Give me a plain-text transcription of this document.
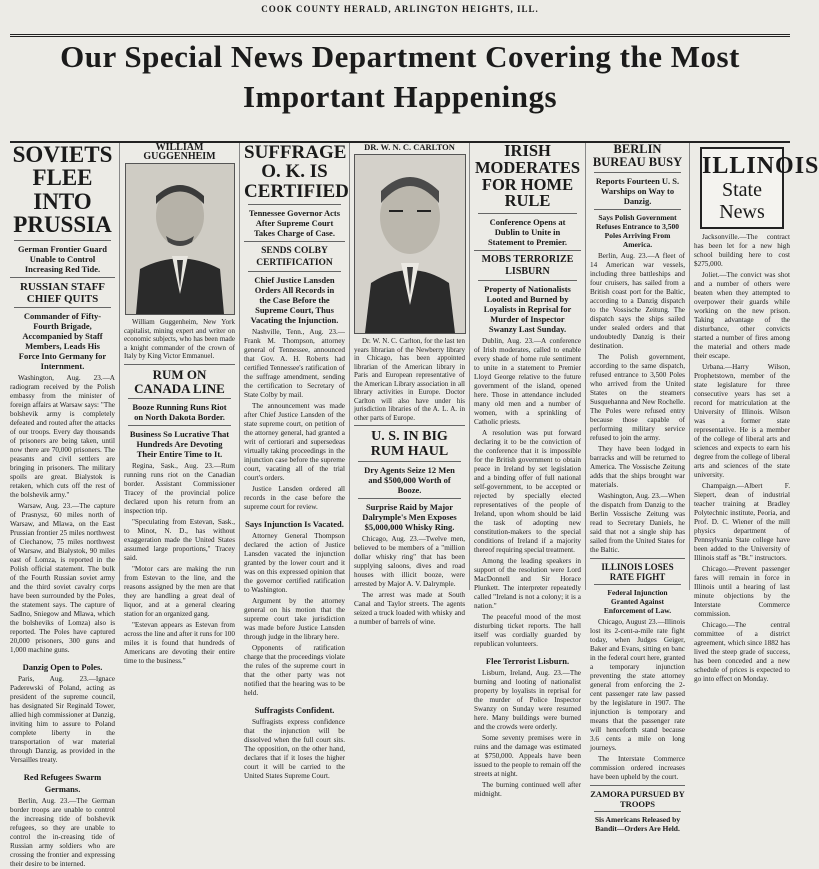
COOK COUNTY HERALD, ARLINGTON HEIGHTS, ILL.
Our Special News Department Covering the Most
Important Happenings
SOVIETS FLEE INTO PRUSSIA
German Frontier Guard Unable to Control Increasing Red Tide.
RUSSIAN STAFF CHIEF QUITS
Commander of Fifty-Fourth Brigade, Accompanied by Staff Members, Leads His Force Into Germany for Internment.

Washington, Aug. 23.—A radiogram received by the Polish embassy from the minister of foreign affairs at Warsaw says: "The bolshevik army is completely defeated and routed after the attacks of our troops. Every day thousands of prisoners are being taken, until now there are 70,000 prisoners. The peasants and civil settlers are bringing in prisoners. The military spoils are great. Bialystok is retaken, which cuts off the rest of the bolshevik army."

Warsaw, Aug. 23.—The capture of Prasnysz, 60 miles north of Warsaw, and Mlawa, on the East Prussian frontier 25 miles northwest of Ciechanow, 75 miles northwest of Warsaw, and Bialystok, 90 miles east of Lomza, is reported in the Polish official statement. The bulk of the Fourth Russian soviet army and the third soviet cavalry corps have been surrounded by the Poles, the statement says. The capture of Sadlno, Sniegow and Mlawa, which the bolsheviks of Lomza) also is reported. The Poles have captured 20,000 prisoners, 300 guns and 1,000 machine guns.

Danzig Open to Poles.

Paris, Aug. 23.—Ignace Paderewski of Poland, acting as president of the supreme council, has designated Sir Reginald Tower, allied high commissioner at Danzig, inviting him to assure to Poland complete liberty in the transportation of war material through Danzig, as provided in the Versailles treaty.

Red Refugees Swarm Germans.

Berlin, Aug. 23.—The German border troops are unable to control the increasing tide of bolshevik refugees, so they are unable to control the in-creasing tide of Russian army soldiers who are crossing the frontier and expressing their desire to be interned.

WILLIAM GUGGENHEIM
William Guggenheim, New York capitalist, mining expert and writer on economic subjects, who has been made a knight commander of the crown of Italy by King Victor Emmanuel.
RUM ON CANADA LINE
Booze Running Runs Riot on North Dakota Border.
Business So Lucrative That Hundreds Are Devoting Their Entire Time to It.

Regina, Sask., Aug. 23.—Rum running runs riot on the Canadian border. Assistant Commissioner Tracey of the provincial police declared upon his return from an inspection trip.

"Speculating from Estevan, Sask., to Minot, N. D., has without exaggeration made the United States assumed large proportions," Tracey said.

"Motor cars are making the run from Estevan to the line, and the reasons assigned by the men are that they are handling a great deal of liquor, and at a general clearing station for an organized gang.

"Estevan appears as Estevan from across the line and after it runs for 100 miles it is found that hundreds of Americans are devoting their entire time to the business."

SUFFRAGE O. K. IS CERTIFIED
Tennessee Governor Acts After Supreme Court Takes Charge of Case.
SENDS COLBY CERTIFICATION
Chief Justice Lansden Orders All Records in the Case Before the Supreme Court, Thus Vacating the Injunction.

Nashville, Tenn., Aug. 23.—Frank M. Thompson, attorney general of Tennessee, announced that Gov. A. H. Roberts had certified Tennessee's ratification of the suffrage amendment, sending the certification to Secretary of State Colby by mail.

The announcement was made after Chief Justice Lansden of the state supreme court, on petition of the attorney general, had granted a writ of certiorari and supersedeas virtually taking proceedings in the injunction case before the supreme court, vacating all of the trial court's orders.

Justice Lansden ordered all records in the case before the supreme court for review.

Says Injunction Is Vacated.

Attorney General Thompson declared the action of Justice Lansden vacated the injunction granted by the lower court and it was on this expressed opinion that the governor certified ratification to Washington.

Argument by the attorney general on his motion that the supreme court take jurisdiction was made before Justice Lansden through judge in the library here.

Opponents of ratification charge that the proceedings violate the rules of the supreme court in that the other party was not notified that the hearing was to be held.

Suffragists Confident.

Suffragists express confidence that the injunction will be dissolved when the full court sits. The opposition, on the other hand, declares that if it loses the higher court it will be carried to the United States Supreme Court.

DR. W. N. C. CARLTON
Dr. W. N. C. Carlton, for the last ten years librarian of the Newberry library in Chicago, has been appointed librarian of the American library in Paris and European representative of the American Library association in all library activities in Europe. Doctor Carlton will also have under his jurisdiction libraries of the A. L. A. in other parts of Europe.
U. S. IN BIG RUM HAUL
Dry Agents Seize 12 Men and $500,000 Worth of Booze.
Surprise Raid by Major Dalrymple's Men Exposes $5,000,000 Whisky Ring.

Chicago, Aug. 23.—Twelve men, believed to be members of a "million dollar whisky ring" that has been supplying saloons, dives and road houses with illicit booze, were arrested by Major A. V. Dalrymple.

The arrest was made at South Canal and Taylor streets. The agents seized a truck loaded with whisky and a number of barrels of wine.

IRISH MODERATES FOR HOME RULE
Conference Opens at Dublin to Unite in Statement to Premier.
MOBS TERRORIZE LISBURN
Property of Nationalists Looted and Burned by Loyalists in Reprisal for Murder of Inspector Swanzy Last Sunday.

Dublin, Aug. 23.—A conference of Irish moderates, called to enable every shade of home rule sentiment to unite in a statement to Premier Lloyd George relative to the future government of the island, opened here. Those in attendance included many old men and a number of women, with a sprinkling of Catholic priests.

A resolution was put forward declaring it to be the conviction of the conference that it is impossible for the British government to obtain peace in Ireland by set legislation and a binding offer of full national self-government, to be accepted or rejected by specially elected representatives of the people of Ireland, upon whom should be laid the task of adopting new constitution-makers to the special conditions of Ireland if a majority thereof requiring special treatment.

Among the leading speakers in support of the resolution were Lord MacDonnell and Sir Horace Plunkett. The interpreter repeatedly called "Ireland is not a colony; it is a nation."

The peaceful mood of the most disturbing ticket reports. The hall itself was cordially guarded by republican volunteers.

Flee Terrorist Lisburn.

Lisburn, Ireland, Aug. 23.—The burning and looting of nationalist property by loyalists in reprisal for the murder of Police Inspector Swanzy on Sunday were resumed here. Many buildings were burned and the crowds were orderly.

Some seventy premises were in ruins and the damage was estimated at $750,000. Appeals have been issued to the people to remain off the streets at night.

The burning continued well after midnight.

BERLIN BUREAU BUSY
Reports Fourteen U. S. Warships on Way to Danzig.
Says Polish Government Refuses Entrance to 3,500 Poles Arriving From America.

Berlin, Aug. 23.—A fleet of 14 American war vessels, including three battleships and four cruisers, has sailed from a British coast port for the Baltic, according to a Danzig dispatch to the Vossische Zeitung. The dispatch says the ships sailed under sealed orders and that undoubtedly Danzig is their destination.

The Polish government, according to the same dispatch, refused entrance to 3,500 Poles who arrived from the United States on the steamers Susquehanna and New Rochelle. The Poles were refused entry because those capable of performing military service refused to join the army.

They have been lodged in barracks and will be returned to America. The Vossische Zeitung adds that the ships brought war materials.

Washington, Aug. 23.—When the dispatch from Danzig to the Berlin Vossische Zeitung was read to Secretary Daniels, he said that not a single ship has sailed from the United States for the Baltic.

ILLINOIS LOSES RATE FIGHT
Federal Injunction Granted Against Enforcement of Law.

Chicago, August 23.—Illinois lost its 2-cent-a-mile rate fight today, when Judges Geiger, Baker and Evans, sitting en banc in the federal court here, granted a temporary injunction preventing the state attorney general from enforcing the 2-cent passenger rate law passed by the legislature in 1907. The injunction is temporary and means that the passenger rate will henceforth stand because 3.6 cents a mile on long journeys.

The Interstate Commerce commission ordered increases have been upheld by the court.

ZAMORA PURSUED BY TROOPS
Sis Americans Released by Bandit—Orders Are Held.
ILLINOIS
State News

Jacksonville.—The contract has been let for a new high school building here to cost $275,000.

Joliet.—The convict was shot and a number of others were beaten when they attempted to overpower their guards while working on the new prison. Taking advantage of the disturbance, other convicts started a number of fires among the material and others made their escape.

Urbana.—Harry Wilson, Prophetstown, member of the state legislature for three consecutive years has set a record for matriculation at the University of Illinois. Wilson was a former state representative. He is a member of the college of liberal arts and sciences and expects to earn his degree from the college of liberal arts and sciences of the state university.

Champaign.—Albert F. Siepert, dean of industrial teacher training at Bradley Polytechnic institute, Peoria, and Prof. D. C. Wiener of the mill physics department of Pennsylvania State college have been added to the University of Illinois staff as "Bt." instructors.

Chicago.—Prevent passenger fares will remain in force in Illinois until a hearing of last minute objections by the Interstate Commerce commission.

Chicago.—The central committee of a district agreement, which since 1882 has lived the steep grade of success, has been conceded and a new schedule of prices is expected to go into effect on Monday.
